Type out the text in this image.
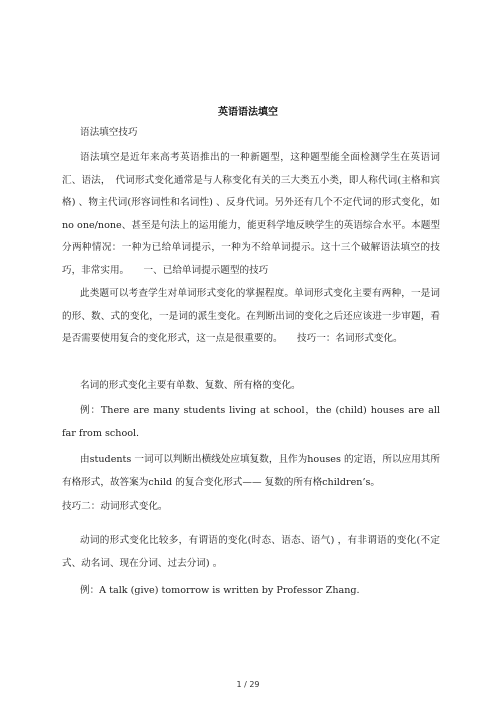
英语语法填空

语法填空技巧

语法填空是近年来高考英语推出的一种新题型，这种题型能全面检测学生在英语词汇、语法，　代词形式变化通常是与人称变化有关的三大类五小类，即人称代词(主格和宾格) 、物主代词(形容词性和名词性) 、反身代词。另外还有几个不定代词的形式变化，如no one/none、甚至是句法上的运用能力，能更科学地反映学生的英语综合水平。本题型分两种情况：一种为已给单词提示，一种为不给单词提示。这十三个破解语法填空的技巧，非常实用。　　一、已给单词提示题型的技巧

此类题可以考查学生对单词形式变化的掌握程度。单词形式变化主要有两种，一是词的形、数、式的变化，一是词的派生变化。在判断出词的变化之后还应该进一步审题，看是否需要使用复合的变化形式，这一点是很重要的。　　技巧一：名词形式变化。

名词的形式变化主要有单数、复数、所有格的变化。

例：There are many students living at school，the (child) houses are all far from school.

由students 一词可以判断出横线处应填复数，且作为houses 的定语，所以应用其所有格形式，故答案为child 的复合变化形式—— 复数的所有格children’s。

技巧二：动词形式变化。

动词的形式变化比较多，有谓语的变化(时态、语态、语气) ，有非谓语的变化(不定式、动名词、现在分词、过去分词) 。

例：A talk (give) tomorrow is written by Professor Zhang.

1 / 29
